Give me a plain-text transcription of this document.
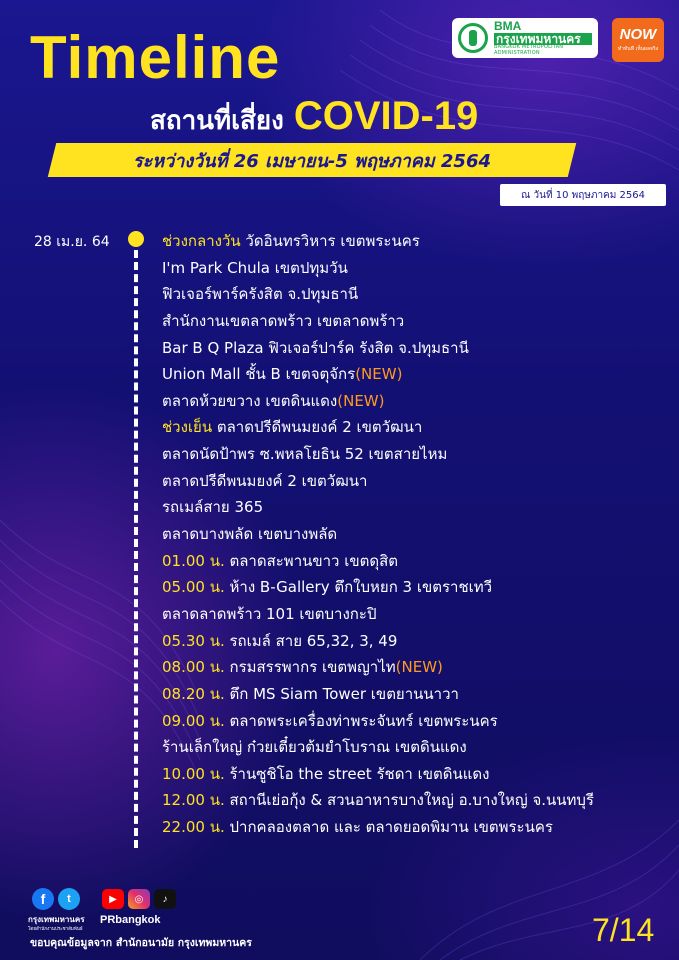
BMA
กรุงเทพมหานคร
BANGKOK METROPOLITAN ADMINISTRATION
NOW
ทำทันที เห็นผลจริง
Timeline
สถานที่เสี่ยง COVID-19
ระหว่างวันที่ 26 เมษายน-5 พฤษภาคม 2564
ณ วันที่ 10 พฤษภาคม 2564
28 เม.ย. 64	ช่วงกลางวัน วัดอินทรวิหาร เขตพระนคร
I'm Park Chula เขตปทุมวัน
ฟิวเจอร์พาร์ครังสิต จ.ปทุมธานี
สำนักงานเขตลาดพร้าว เขตลาดพร้าว
Bar B Q Plaza ฟิวเจอร์ปาร์ค รังสิต จ.ปทุมธานี
Union Mall ชั้น B เขตจตุจักร(NEW)
ตลาดห้วยขวาง เขตดินแดง(NEW)
ช่วงเย็น ตลาดปรีดีพนมยงค์ 2 เขตวัฒนา
ตลาดนัดป้าพร ซ.พหลโยธิน 52 เขตสายไหม
ตลาดปรีดีพนมยงค์ 2 เขตวัฒนา
รถเมล์สาย 365
ตลาดบางพลัด เขตบางพลัด
01.00 น. ตลาดสะพานขาว เขตดุสิต
05.00 น. ห้าง B-Gallery ตึกใบหยก 3 เขตราชเทวี
ตลาดลาดพร้าว 101 เขตบางกะปิ
05.30 น. รถเมล์ สาย 65,32, 3, 49
08.00 น. กรมสรรพากร เขตพญาไท(NEW)
08.20 น. ตึก MS Siam Tower เขตยานนาวา
09.00 น. ตลาดพระเครื่องท่าพระจันทร์ เขตพระนคร
ร้านเล็กใหญ่ ก๋วยเตี๋ยวต้มยำโบราณ เขตดินแดง
10.00 น. ร้านซูชิโอ the street รัชดา เขตดินแดง
12.00 น. สถานีเย่อกุ้ง & สวนอาหารบางใหญ่ อ.บางใหญ่ จ.นนทบุรี
22.00 น. ปากคลองตลาด และ ตลาดยอดพิมาน เขตพระนคร
f	t
กรุงเทพมหานคร
โดยสำนักงานประชาสัมพันธ์
▶	◎	♪
PRbangkok
ขอบคุณข้อมูลจาก สำนักอนามัย กรุงเทพมหานคร	7/14
